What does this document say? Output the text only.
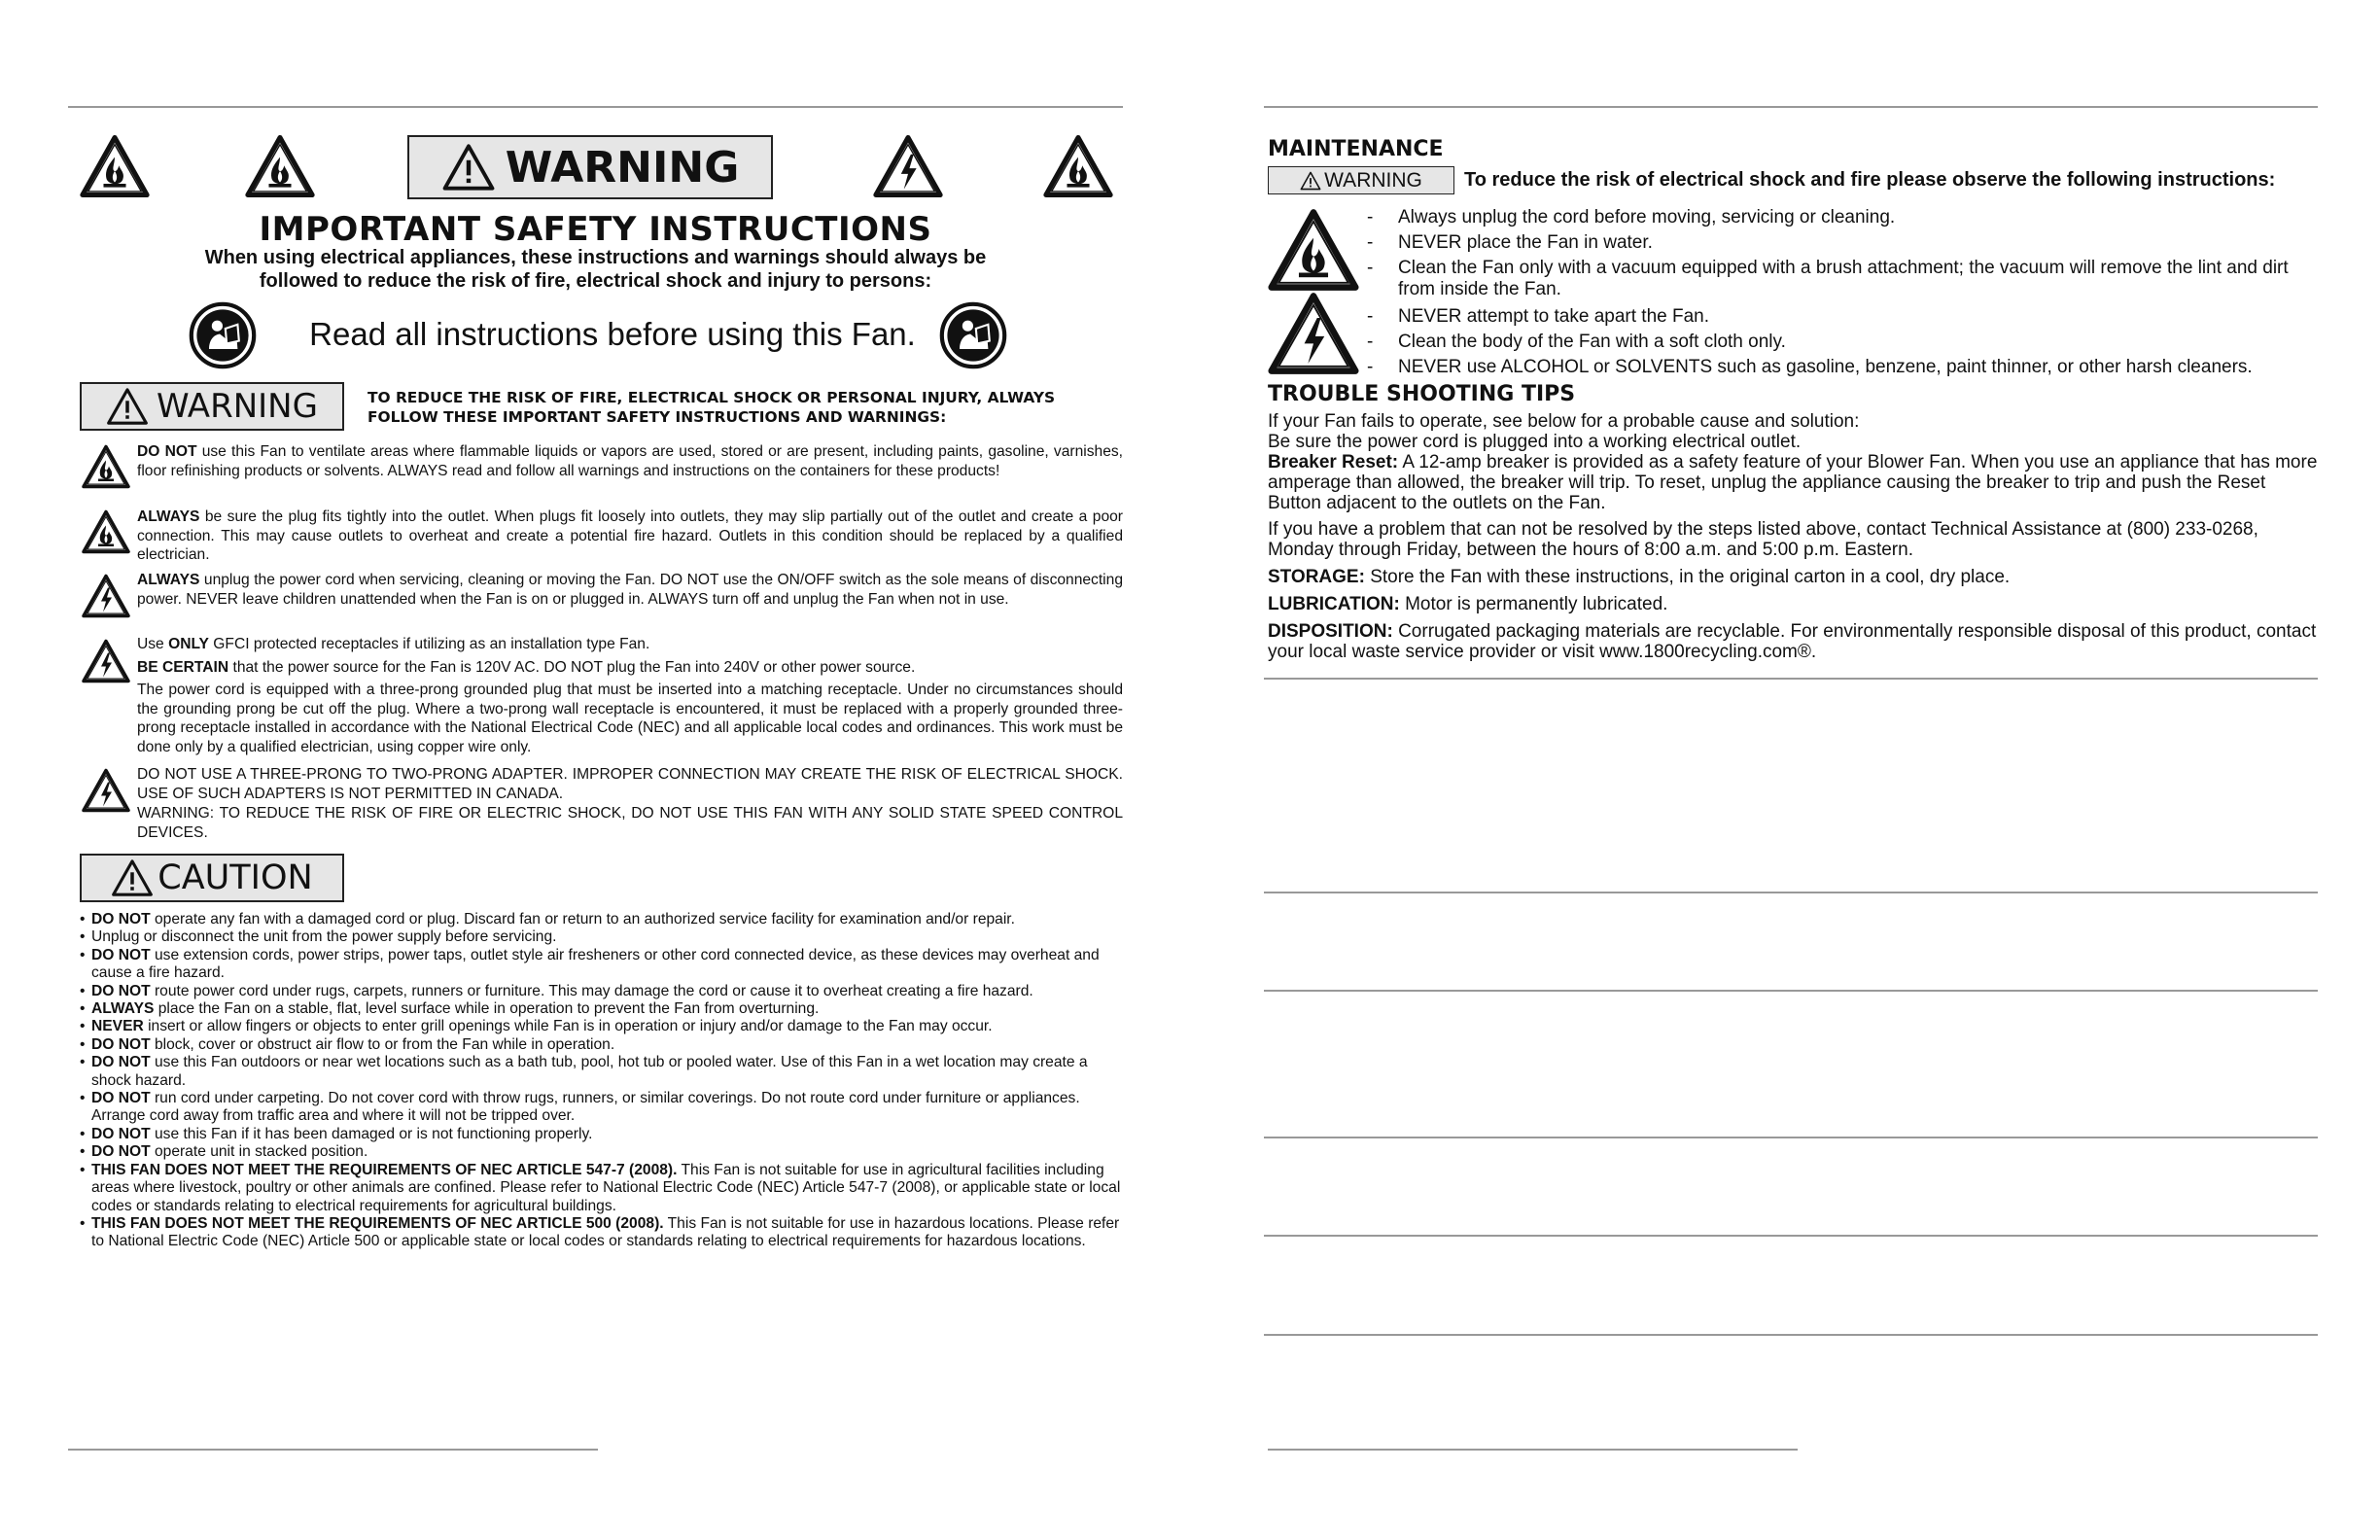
WARNING
IMPORTANT SAFETY INSTRUCTIONS
When using electrical appliances, these instructions and warnings should always be
followed to reduce the risk of fire, electrical shock and injury to persons:
Read all instructions before using this Fan.
WARNING	TO REDUCE THE RISK OF FIRE, ELECTRICAL SHOCK OR PERSONAL INJURY, ALWAYS
FOLLOW THESE IMPORTANT SAFETY INSTRUCTIONS AND WARNINGS:
DO NOT use this Fan to ventilate areas where flammable liquids or vapors are used, stored or are present, including paints, gasoline, varnishes, floor refinishing products or solvents. ALWAYS read and follow all warnings and instructions on the containers for these products!
ALWAYS be sure the plug fits tightly into the outlet. When plugs fit loosely into outlets, they may slip partially out of the outlet and create a poor connection. This may cause outlets to overheat and create a potential fire hazard. Outlets in this condition should be replaced by a qualified electrician.
ALWAYS unplug the power cord when servicing, cleaning or moving the Fan. DO NOT use the ON/OFF switch as the sole means of disconnecting power. NEVER leave children unattended when the Fan is on or plugged in. ALWAYS turn off and unplug the Fan when not in use.
Use ONLY GFCI protected receptacles if utilizing as an installation type Fan.
BE CERTAIN that the power source for the Fan is 120V AC. DO NOT plug the Fan into 240V or other power source.
The power cord is equipped with a three-prong grounded plug that must be inserted into a matching receptacle. Under no circumstances should the grounding prong be cut off the plug. Where a two-prong wall receptacle is encountered, it must be replaced with a properly grounded three-prong receptacle installed in accordance with the National Electrical Code (NEC) and all applicable local codes and ordinances. This work must be done only by a qualified electrician, using copper wire only.
DO NOT USE A THREE-PRONG TO TWO-PRONG ADAPTER. IMPROPER CONNECTION MAY CREATE THE RISK OF ELECTRICAL SHOCK. USE OF SUCH ADAPTERS IS NOT PERMITTED IN CANADA.
WARNING: TO REDUCE THE RISK OF FIRE OR ELECTRIC SHOCK, DO NOT USE THIS FAN WITH ANY SOLID STATE SPEED CONTROL DEVICES.
CAUTION
• DO NOT operate any fan with a damaged cord or plug. Discard fan or return to an authorized service facility for examination and/or repair.
• Unplug or disconnect the unit from the power supply before servicing.
• DO NOT use extension cords, power strips, power taps, outlet style air fresheners or other cord connected device, as these devices may overheat and cause a fire hazard.
• DO NOT route power cord under rugs, carpets, runners or furniture. This may damage the cord or cause it to overheat creating a fire hazard.
• ALWAYS place the Fan on a stable, flat, level surface while in operation to prevent the Fan from overturning.
• NEVER insert or allow fingers or objects to enter grill openings while Fan is in operation or injury and/or damage to the Fan may occur.
• DO NOT block, cover or obstruct air flow to or from the Fan while in operation.
• DO NOT use this Fan outdoors or near wet locations such as a bath tub, pool, hot tub or pooled water. Use of this Fan in a wet location may create a shock hazard.
• DO NOT run cord under carpeting. Do not cover cord with throw rugs, runners, or similar coverings. Do not route cord under furniture or appliances. Arrange cord away from traffic area and where it will not be tripped over.
• DO NOT use this Fan if it has been damaged or is not functioning properly.
• DO NOT operate unit in stacked position.
• THIS FAN DOES NOT MEET THE REQUIREMENTS OF NEC ARTICLE 547-7 (2008). This Fan is not suitable for use in agricultural facilities including areas where livestock, poultry or other animals are confined. Please refer to National Electric Code (NEC) Article 547-7 (2008), or applicable state or local codes or standards relating to electrical requirements for agricultural buildings.
• THIS FAN DOES NOT MEET THE REQUIREMENTS OF NEC ARTICLE 500 (2008). This Fan is not suitable for use in hazardous locations. Please refer to National Electric Code (NEC) Article 500 or applicable state or local codes or standards relating to electrical requirements for hazardous locations.
MAINTENANCE
WARNING To reduce the risk of electrical shock and fire please observe the following instructions:
-	Always unplug the cord before moving, servicing or cleaning.
-	NEVER place the Fan in water.
-	Clean the Fan only with a vacuum equipped with a brush attachment; the vacuum will remove the lint and dirt from inside the Fan.
-	NEVER attempt to take apart the Fan.
-	Clean the body of the Fan with a soft cloth only.
-	NEVER use ALCOHOL or SOLVENTS such as gasoline, benzene, paint thinner, or other harsh cleaners.
TROUBLE SHOOTING TIPS
If your Fan fails to operate, see below for a probable cause and solution:
Be sure the power cord is plugged into a working electrical outlet.
Breaker Reset: A 12-amp breaker is provided as a safety feature of your Blower Fan. When you use an appliance that has more amperage than allowed, the breaker will trip. To reset, unplug the appliance causing the breaker to trip and push the Reset Button adjacent to the outlets on the Fan.
If you have a problem that can not be resolved by the steps listed above, contact Technical Assistance at (800) 233-0268, Monday through Friday, between the hours of 8:00 a.m. and 5:00 p.m. Eastern.
STORAGE: Store the Fan with these instructions, in the original carton in a cool, dry place.
LUBRICATION: Motor is permanently lubricated.
DISPOSITION: Corrugated packaging materials are recyclable. For environmentally responsible disposal of this product, contact your local waste service provider or visit www.1800recycling.com®.
